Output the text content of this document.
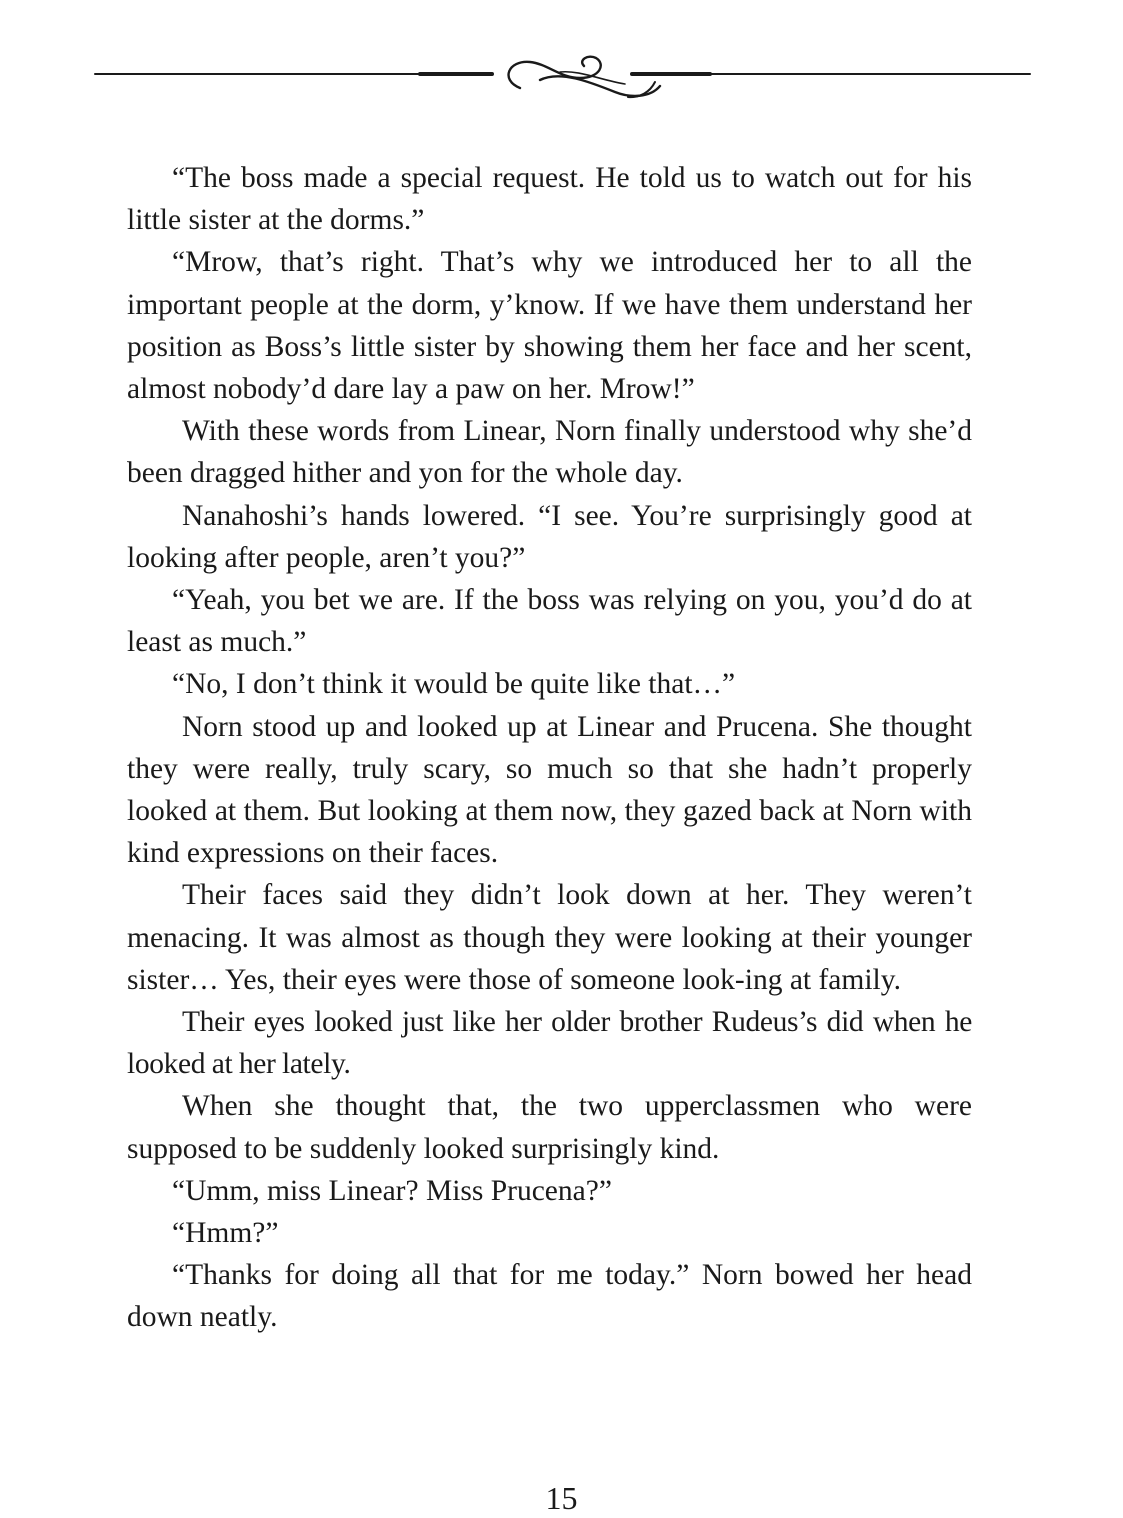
“The boss made a special request. He told us to watch out for his little sister at the dorms.”

“Mrow, that’s right. That’s why we introduced her to all the important people at the dorm, y’know. If we have them understand her position as Boss’s little sister by showing them her face and her scent, almost nobody’d dare lay a paw on her. Mrow!”

With these words from Linear, Norn finally understood why she’d been dragged hither and yon for the whole day.

Nanahoshi’s hands lowered. “I see. You’re surprisingly good at looking after people, aren’t you?”

“Yeah, you bet we are. If the boss was relying on you, you’d do at least as much.”

“No, I don’t think it would be quite like that…”

Norn stood up and looked up at Linear and Prucena. She thought they were really, truly scary, so much so that she hadn’t properly looked at them. But looking at them now, they gazed back at Norn with kind expressions on their faces.

Their faces said they didn’t look down at her. They weren’t menacing. It was almost as though they were looking at their younger sister… Yes, their eyes were those of someone look-ing at family.

Their eyes looked just like her older brother Rudeus’s did when he looked at her lately.

When she thought that, the two upperclassmen who were supposed to be suddenly looked surprisingly kind.

“Umm, miss Linear? Miss Prucena?”

“Hmm?”

“Thanks for doing all that for me today.” Norn bowed her head down neatly.

15
